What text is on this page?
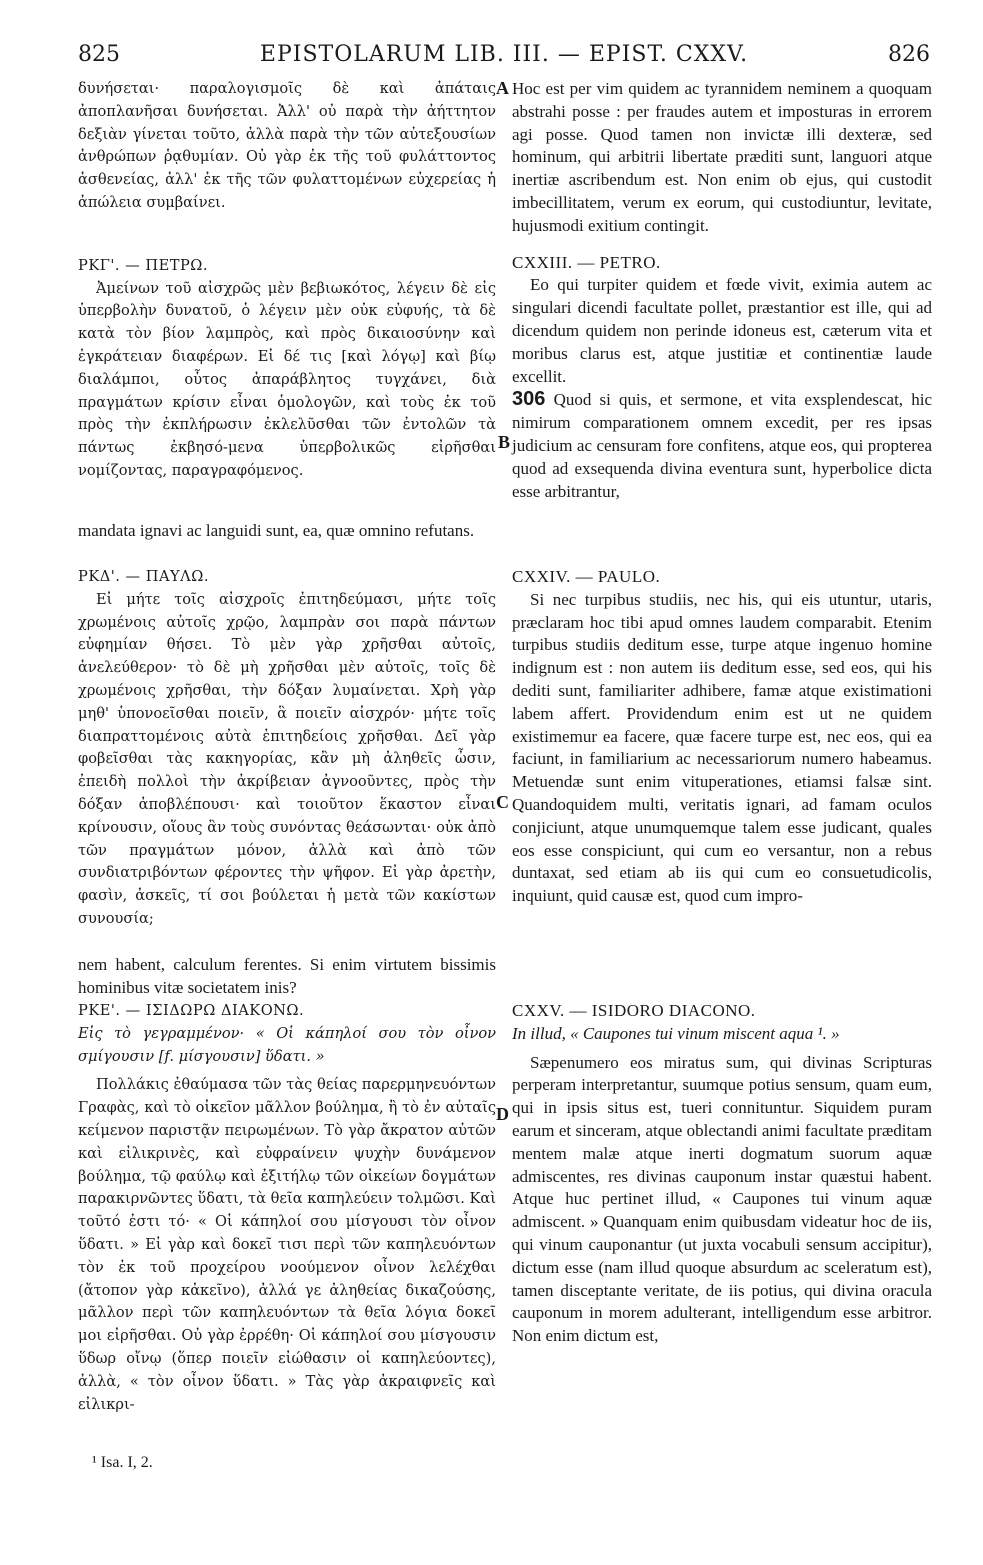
825	EPISTOLARUM LIB. III. — EPIST. CXXV.	826

δυνήσεται· παραλογισμοῖς δὲ καὶ ἀπάταις ἀποπλανῆσαι δυνήσεται. Ἀλλ' οὐ παρὰ τὴν ἀήττητον δεξιὰν γίνεται τοῦτο, ἀλλὰ παρὰ τὴν τῶν αὐτεξουσίων ἀνθρώπων ῥᾳθυμίαν. Οὐ γὰρ ἐκ τῆς τοῦ φυλάττοντος ἀσθενείας, ἀλλ' ἐκ τῆς τῶν φυλαττομένων εὐχερείας ἡ ἀπώλεια συμβαίνει.

ΡΚΓ'. — ΠΕΤΡΩ.

Ἀμείνων τοῦ αἰσχρῶς μὲν βεβιωκότος, λέγειν δὲ εἰς ὑπερβολὴν δυνατοῦ, ὁ λέγειν μὲν οὐκ εὐφυής, τὰ δὲ κατὰ τὸν βίον λαμπρὸς, καὶ πρὸς δικαιοσύνην καὶ ἐγκράτειαν διαφέρων. Εἰ δέ τις [καὶ λόγῳ] καὶ βίῳ διαλάμποι, οὗτος ἀπαράβλητος τυγχάνει, διὰ πραγμάτων κρίσιν εἶναι ὁμολογῶν, καὶ τοὺς ἐκ τοῦ πρὸς τὴν ἐκπλήρωσιν ἐκλελῦσθαι τῶν ἐντολῶν τὰ πάντως ἐκβησό-μενα ὑπερβολικῶς εἰρῆσθαι νομίζοντας, παραγραφόμενος.

Hoc est per vim quidem ac tyrannidem neminem a quoquam abstrahi posse : per fraudes autem et imposturas in errorem agi posse. Quod tamen non invictæ illi dexteræ, sed hominum, qui arbitrii libertate præditi sunt, languori atque inertiæ ascribendum est. Non enim ob ejus, qui custodit imbecillitatem, verum ex eorum, qui custodiuntur, levitate, hujusmodi exitium contingit.

CXXIII. — PETRO.

Eo qui turpiter quidem et fœde vivit, eximia autem ac singulari dicendi facultate pollet, præstantior est ille, qui ad dicendum quidem non perinde idoneus est, cæterum vita et moribus clarus est, atque justitiæ et continentiæ laude excellit.

306 Quod si quis, et sermone, et vita exsplendescat, hic nimirum comparationem omnem excedit, per res ipsas judicium ac censuram fore confitens, atque eos, qui propterea quod ad exsequenda divina eventura sunt, hyperbolice dicta esse arbitrantur,

mandata ignavi ac languidi sunt, ea, quæ omnino refutans.

ΡΚΔ'. — ΠΑΥΛΩ.

Εἰ μήτε τοῖς αἰσχροῖς ἐπιτηδεύμασι, μήτε τοῖς χρωμένοις αὐτοῖς χρῷο, λαμπρὰν σοι παρὰ πάντων εὐφημίαν θήσει. Τὸ μὲν γὰρ χρῆσθαι αὐτοῖς, ἀνελεύθερον· τὸ δὲ μὴ χρῆσθαι μὲν αὐτοῖς, τοῖς δὲ χρωμένοις χρῆσθαι, τὴν δόξαν λυμαίνεται. Χρὴ γὰρ μηθ' ὑπονοεῖσθαι ποιεῖν, ἃ ποιεῖν αἰσχρόν· μήτε τοῖς διαπραττομένοις αὐτὰ ἐπιτηδείοις χρῆσθαι. Δεῖ γὰρ φοβεῖσθαι τὰς κακηγορίας, κἂν μὴ ἀληθεῖς ὦσιν, ἐπειδὴ πολλοὶ τὴν ἀκρίβειαν ἀγνοοῦντες, πρὸς τὴν δόξαν ἀποβλέπουσι· καὶ τοιοῦτον ἕκαστον εἶναι κρίνουσιν, οἵους ἂν τοὺς συνόντας θεάσωνται· οὐκ ἀπὸ τῶν πραγμάτων μόνον, ἀλλὰ καὶ ἀπὸ τῶν συνδιατριβόντων φέροντες τὴν ψῆφον. Εἰ γὰρ ἀρετὴν, φασὶν, ἀσκεῖς, τί σοι βούλεται ἡ μετὰ τῶν κακίστων συνουσία;

CXXIV. — PAULO.

Si nec turpibus studiis, nec his, qui eis utuntur, utaris, præclaram hoc tibi apud omnes laudem comparabit. Etenim turpibus studiis deditum esse, turpe atque ingenuo homine indignum est : non autem iis deditum esse, sed eos, qui his dediti sunt, familiariter adhibere, famæ atque existimationi labem affert. Providendum enim est ut ne quidem existimemur ea facere, quæ facere turpe est, nec eos, qui ea faciunt, in familiarium ac necessariorum numero habeamus. Metuendæ sunt enim vituperationes, etiamsi falsæ sint. Quandoquidem multi, veritatis ignari, ad famam oculos conjiciunt, atque unumquemque talem esse judicant, quales eos esse conspiciunt, qui cum eo versantur, non a rebus duntaxat, sed etiam ab iis qui cum eo consuetudicolis, inquiunt, quid causæ est, quod cum impro-

nem habent, calculum ferentes. Si enim virtutem bissimis hominibus vitæ societatem inis?

ΡΚΕ'. — ΙΣΙΔΩΡΩ ΔΙΑΚΟΝΩ.

Εἰς τὸ γεγραμμένον· « Οἱ κάπηλοί σου τὸν οἶνον σμίγουσιν [f. μίσγουσιν] ὕδατι. »

Πολλάκις ἐθαύμασα τῶν τὰς θείας παρερμηνευόντων Γραφὰς, καὶ τὸ οἰκεῖον μᾶλλον βούλημα, ἢ τὸ ἐν αὐταῖς κείμενον παριστᾷν πειρωμένων. Τὸ γὰρ ἄκρατον αὐτῶν καὶ εἰλικρινὲς, καὶ εὐφραίνειν ψυχὴν δυνάμενον βούλημα, τῷ φαύλῳ καὶ ἐξιτήλῳ τῶν οἰκείων δογμάτων παρακιρνῶντες ὕδατι, τὰ θεῖα καπηλεύειν τολμῶσι. Καὶ τοῦτό ἐστι τό· « Οἱ κάπηλοί σου μίσγουσι τὸν οἶνον ὕδατι. » Εἰ γὰρ καὶ δοκεῖ τισι περὶ τῶν καπηλευόντων τὸν ἐκ τοῦ προχείρου νοούμενον οἶνον λελέχθαι (ἄτοπον γὰρ κἀκεῖνο), ἀλλά γε ἀληθείας δικαζούσης, μᾶλλον περὶ τῶν καπηλευόντων τὰ θεῖα λόγια δοκεῖ μοι εἰρῆσθαι. Οὐ γὰρ ἐρρέθη· Οἱ κάπηλοί σου μίσγουσιν ὕδωρ οἴνῳ (ὅπερ ποιεῖν εἰώθασιν οἱ καπηλεύοντες), ἀλλὰ, « τὸν οἶνον ὕδατι. » Τὰς γὰρ ἀκραιφνεῖς καὶ εἰλικρι-

CXXV. — ISIDORO DIACONO.

In illud, « Caupones tui vinum miscent aqua ¹. »

Sæpenumero eos miratus sum, qui divinas Scripturas perperam interpretantur, suumque potius sensum, quam eum, qui in ipsis situs est, tueri connituntur. Siquidem puram earum et sinceram, atque oblectandi animi facultate præditam mentem malæ atque inerti dogmatum suorum aquæ admiscentes, res divinas cauponum instar quæstui habent. Atque huc pertinet illud, « Caupones tui vinum aquæ admiscent. » Quanquam enim quibusdam videatur hoc de iis, qui vinum cauponantur (ut juxta vocabuli sensum accipitur), dictum esse (nam illud quoque absurdum ac sceleratum est), tamen disceptante veritate, de iis potius, qui divina oracula cauponum in morem adulterant, intelligendum esse arbitror. Non enim dictum est,

A
B
C
D
¹ Isa. I, 2.
